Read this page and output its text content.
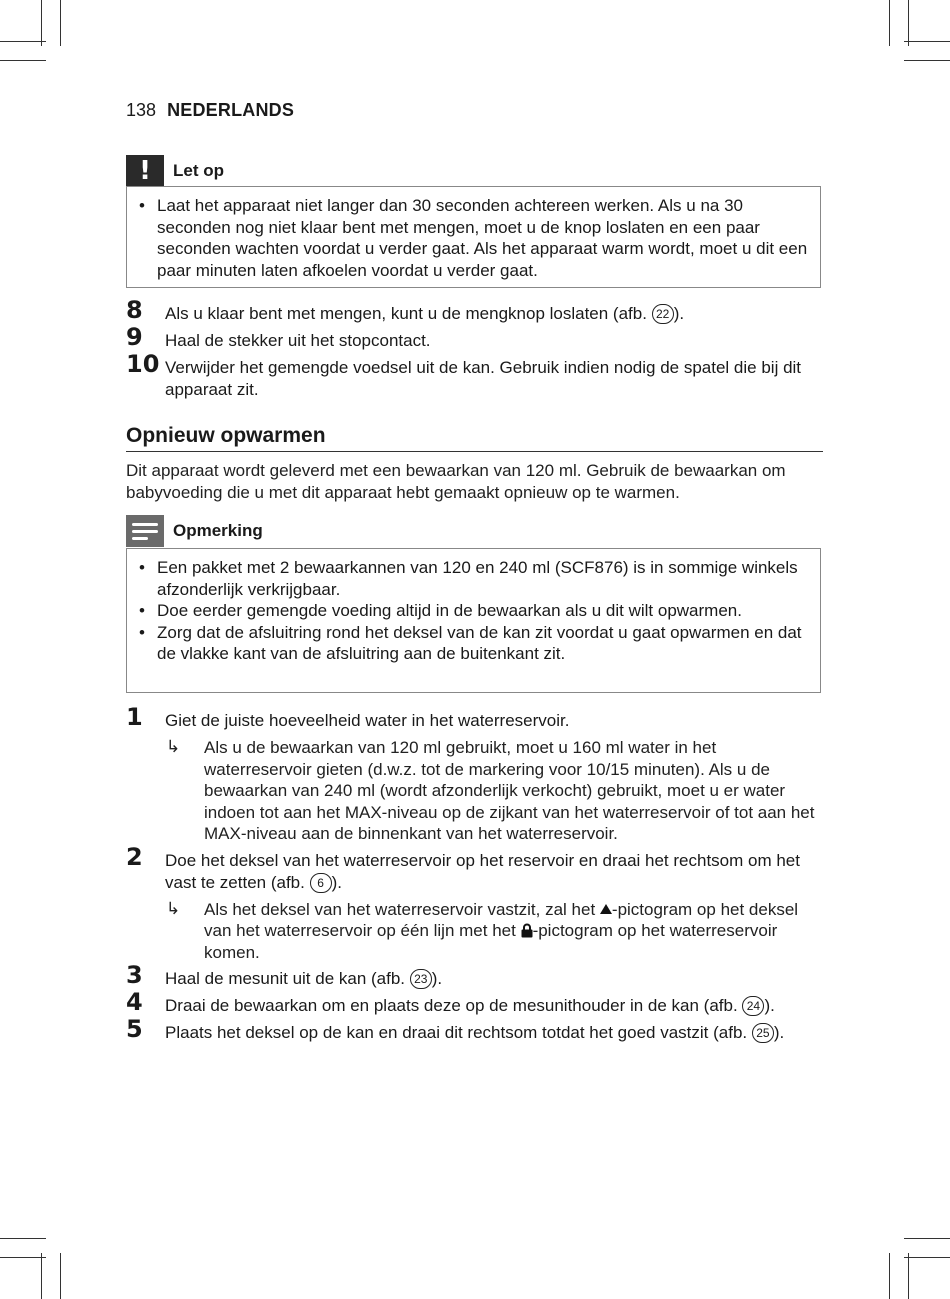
138 NEDERLANDS
!	Let op
• Laat het apparaat niet langer dan 30 seconden achtereen werken. Als u na 30 seconden nog niet klaar bent met mengen, moet u de knop loslaten en een paar seconden wachten voordat u verder gaat. Als het apparaat warm wordt, moet u dit een paar minuten laten afkoelen voordat u verder gaat.
8 Als u klaar bent met mengen, kunt u de mengknop loslaten (afb. 22 ).
9 Haal de stekker uit het stopcontact.
10 Verwijder het gemengde voedsel uit de kan. Gebruik indien nodig de spatel die bij dit apparaat zit.
Opnieuw opwarmen
Dit apparaat wordt geleverd met een bewaarkan van 120 ml. Gebruik de bewaarkan om babyvoeding die u met dit apparaat hebt gemaakt opnieuw op te warmen.
Opmerking
• Een pakket met 2 bewaarkannen van 120 en 240 ml (SCF876) is in sommige winkels afzonderlijk verkrijgbaar.
• Doe eerder gemengde voeding altijd in de bewaarkan als u dit wilt opwarmen.
• Zorg dat de afsluitring rond het deksel van de kan zit voordat u gaat opwarmen en dat de vlakke kant van de afsluitring aan de buitenkant zit.
1 Giet de juiste hoeveelheid water in het waterreservoir.
↳ Als u de bewaarkan van 120 ml gebruikt, moet u 160 ml water in het waterreservoir gieten (d.w.z. tot de markering voor 10/15 minuten). Als u de bewaarkan van 240 ml (wordt afzonderlijk verkocht) gebruikt, moet u er water indoen tot aan het MAX-niveau op de zijkant van het waterreservoir of tot aan het MAX-niveau aan de binnenkant van het waterreservoir.
2 Doe het deksel van het waterreservoir op het reservoir en draai het rechtsom om het vast te zetten (afb. 6 ).
↳ Als het deksel van het waterreservoir vastzit, zal het -pictogram op het deksel van het waterreservoir op één lijn met het -pictogram op het waterreservoir komen.
3 Haal de mesunit uit de kan (afb. 23 ).
4 Draai de bewaarkan om en plaats deze op de mesunithouder in de kan (afb. 24 ).
5 Plaats het deksel op de kan en draai dit rechtsom totdat het goed vastzit (afb. 25 ).
